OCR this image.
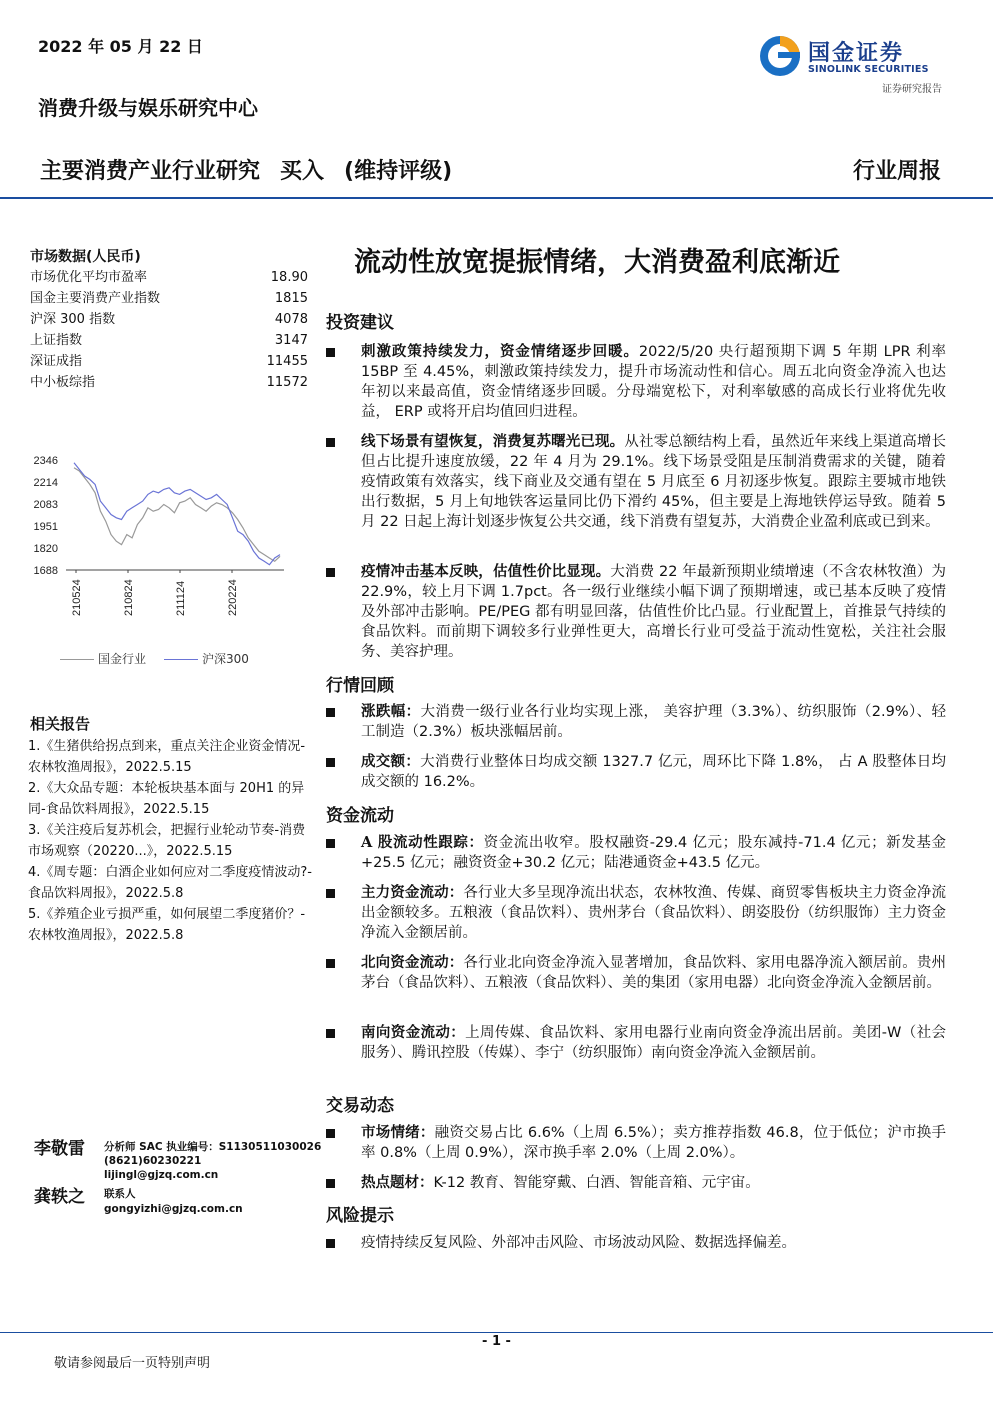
2022 年 05 月 22 日	国金证券
SINOLINK SECURITIES
证券研究报告
消费升级与娱乐研究中心
主要消费产业行业研究 买入 (维持评级)	行业周报
市场数据(人民币)
市场优化平均市盈率	18.90
国金主要消费产业指数	1815
沪深 300 指数	4078
上证指数	3147
深证成指	11455
中小板综指	11572
2346
2214
2083
1951
1820
1688
210524	210824	211124	220224
国金行业	沪深300
相关报告
1.《生猪供给拐点到来，重点关注企业资金情况-农林牧渔周报》，2022.5.15
2.《大众品专题：本轮板块基本面与 20H1 的异同-食品饮料周报》，2022.5.15
3.《关注疫后复苏机会，把握行业轮动节奏-消费市场观察（20220...》，2022.5.15
4.《周专题：白酒企业如何应对二季度疫情波动?-食品饮料周报》，2022.5.8
5.《养殖企业亏损严重，如何展望二季度猪价？-农林牧渔周报》，2022.5.8
李敬雷 分析师 SAC 执业编号：S1130511030026
(8621)60230221
lijingl@gjzq.com.cn
龚轶之 联系人
gongyizhi@gjzq.com.cn
流动性放宽提振情绪，大消费盈利底渐近
投资建议
刺激政策持续发力，资金情绪逐步回暖。2022/5/20 央行超预期下调 5 年期 LPR 利率 15BP 至 4.45%，刺激政策持续发力，提升市场流动性和信心。周五北向资金净流入也达年初以来最高值，资金情绪逐步回暖。分母端宽松下，对利率敏感的高成长行业将优先收益， ERP 或将开启均值回归进程。
线下场景有望恢复，消费复苏曙光已现。从社零总额结构上看，虽然近年来线上渠道高增长但占比提升速度放缓，22 年 4 月为 29.1%。线下场景受阻是压制消费需求的关键，随着疫情政策有效落实，线下商业及交通有望在 5 月底至 6 月初逐步恢复。跟踪主要城市地铁出行数据，5 月上旬地铁客运量同比仍下滑约 45%，但主要是上海地铁停运导致。随着 5 月 22 日起上海计划逐步恢复公共交通，线下消费有望复苏，大消费企业盈利底或已到来。
疫情冲击基本反映，估值性价比显现。大消费 22 年最新预期业绩增速（不含农林牧渔）为 22.9%，较上月下调 1.7pct。各一级行业继续小幅下调了预期增速，或已基本反映了疫情及外部冲击影响。PE/PEG 都有明显回落，估值性价比凸显。行业配置上，首推景气持续的食品饮料。而前期下调较多行业弹性更大，高增长行业可受益于流动性宽松，关注社会服务、美容护理。
行情回顾
涨跌幅：大消费一级行业各行业均实现上涨， 美容护理（3.3%）、纺织服饰（2.9%）、轻工制造（2.3%）板块涨幅居前。
成交额：大消费行业整体日均成交额 1327.7 亿元，周环比下降 1.8%， 占 A 股整体日均成交额的 16.2%。
资金流动
A 股流动性跟踪：资金流出收窄。股权融资-29.4 亿元；股东减持-71.4 亿元；新发基金+25.5 亿元；融资资金+30.2 亿元；陆港通资金+43.5 亿元。
主力资金流动：各行业大多呈现净流出状态，农林牧渔、传媒、商贸零售板块主力资金净流出金额较多。五粮液（食品饮料）、贵州茅台（食品饮料）、朗姿股份（纺织服饰）主力资金净流入金额居前。
北向资金流动：各行业北向资金净流入显著增加，食品饮料、家用电器净流入额居前。贵州茅台（食品饮料）、五粮液（食品饮料）、美的集团（家用电器）北向资金净流入金额居前。
南向资金流动：上周传媒、食品饮料、家用电器行业南向资金净流出居前。美团-W（社会服务）、腾讯控股（传媒）、李宁（纺织服饰）南向资金净流入金额居前。
交易动态
市场情绪：融资交易占比 6.6%（上周 6.5%）；卖方推荐指数 46.8，位于低位；沪市换手率 0.8%（上周 0.9%），深市换手率 2.0%（上周 2.0%）。
热点题材：K-12 教育、智能穿戴、白酒、智能音箱、元宇宙。
风险提示
疫情持续反复风险、外部冲击风险、市场波动风险、数据选择偏差。
- 1 -
敬请参阅最后一页特别声明
